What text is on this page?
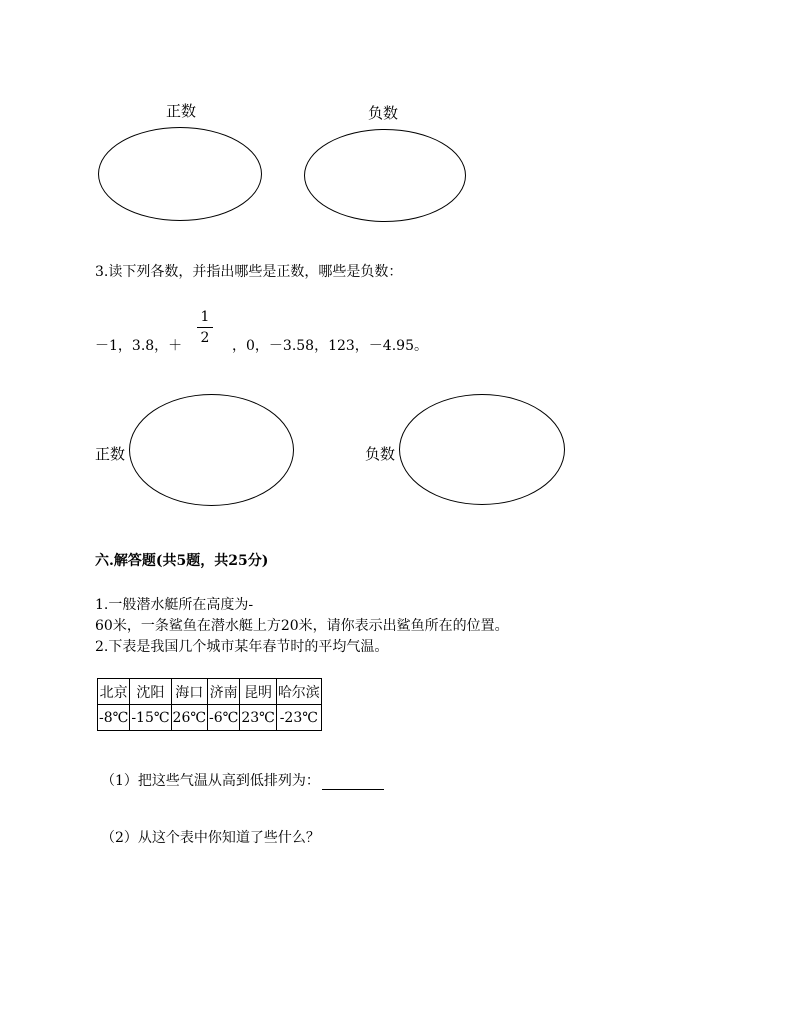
正数	负数
3.读下列各数，并指出哪些是正数，哪些是负数：
－1，3.8，＋
1
2 ，0，－3.58，123，－4.95。
正数	负数
六.解答题(共5题，共25分)
1.一般潜水艇所在高度为-
60米，一条鲨鱼在潜水艇上方20米，请你表示出鲨鱼所在的位置。
2.下表是我国几个城市某年春节时的平均气温。
北京	沈阳	海口	济南	昆明	哈尔滨
-8℃	-15℃	26℃	-6℃	23℃	-23℃
（1）把这些气温从高到低排列为：
（2）从这个表中你知道了些什么？
